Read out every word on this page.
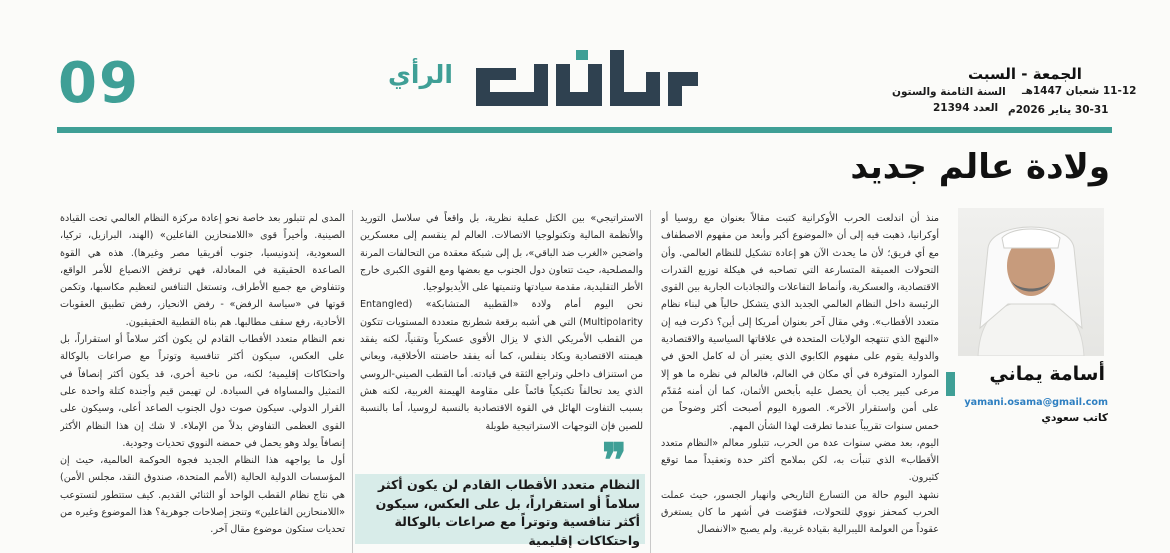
09	الرأي	الجمعة - السبت
11-12 شعبان 1447هـ
السنة الثامنة والستون
30-31 يناير 2026م
العدد 21394
ولادة عالم جديد
أسامة يماني
yamani.osama@gmail.com
كاتب سعودي

منذ أن اندلعت الحرب الأوكرانية كتبت مقالاً بعنوان مع روسيا أو أوكرانيا، ذهبت فيه إلى أن «الموضوع أكبر وأبعد من مفهوم الاصطفاف مع أي فريق؛ لأن ما يحدث الآن هو إعادة تشكيل للنظام العالمي. وأن التحولات العميقة المتسارعة التي تصاحبه في هيكلة توزيع القدرات الاقتصادية، والعسكرية، وأنماط التفاعلات والتجاذبات الجارية بين القوى الرئيسة داخل النظام العالمي الجديد الذي يتشكل حالياً هي لبناء نظام متعدد الأقطاب». وفي مقال آخر بعنوان أمريكا إلى أين؟ ذكرت فيه إن «النهج الذي تنتهجه الولايات المتحدة في علاقاتها السياسية والاقتصادية والدولية يقوم على مفهوم الكابوي الذي يعتبر أن له كامل الحق في الموارد المتوفرة في أي مكان في العالم، فالعالم في نظره ما هو إلا مرعى كبير يجب أن يحصل عليه بأبخس الأثمان، كما أن أمنه مُقدّم على أمن واستقرار الآخر». الصورة اليوم أصبحت أكثر وضوحاً من خمس سنوات تقريباً عندما تطرقت لهذا الشأن المهم.

اليوم، بعد مضي سنوات عدة من الحرب، تتبلور معالم «النظام متعدد الأقطاب» الذي تنبأت به، لكن بملامح أكثر حدة وتعقيداً مما توقع كثيرون.

نشهد اليوم حالة من التسارع التاريخي وانهيار الجسور، حيث عملت الحرب كمحفز نووي للتحولات، فقوّضت في أشهر ما كان يستغرق عقوداً من العولمة الليبرالية بقيادة غربية. ولم يصبح «الانفصال

الاستراتيجي» بين الكتل عملية نظرية، بل واقعاً في سلاسل التوريد والأنظمة المالية وتكنولوجيا الاتصالات. العالم لم ينقسم إلى معسكرين واضحين «الغرب ضد الباقي»، بل إلى شبكة معقدة من التحالفات المرنة والمصلحية، حيث تتعاون دول الجنوب مع بعضها ومع القوى الكبرى خارج الأطر التقليدية، مقدمة سيادتها وتنميتها على الأيديولوجيا.

نحن اليوم أمام ولادة «القطبية المتشابكة» (Entangled Multipolarity) التي هي أشبه برقعة شطرنج متعددة المستويات تتكون من القطب الأمريكي الذي لا يزال الأقوى عسكرياً وتقنياً، لكنه يفقد هيمنته الاقتصادية ويكاد ينفلس، كما أنه يفقد حاضنته الأخلاقية، ويعاني من استنزاف داخلي وتراجع الثقة في قيادته. أما القطب الصيني-الروسي الذي يعد تحالفاً تكتيكياً قائماً على مقاومة الهيمنة الغربية، لكنه هش بسبب التفاوت الهائل في القوة الاقتصادية بالنسبة لروسيا، أما بالنسبة للصين فإن التوجهات الاستراتيجية طويلة

❞
النظام متعدد الأقطاب القادم لن يكون أكثر سلاماً أو استقراراً، بل على العكس، سيكون أكثر تنافسية وتوتراً مع صراعات بالوكالة واحتكاكات إقليمية

المدى لم تتبلور بعد خاصة نحو إعادة مركزة النظام العالمي تحت القيادة الصينية. وأخيراً قوى «اللامنحازين الفاعلين» (الهند، البرازيل، تركيا، السعودية، إندونيسيا، جنوب أفريقيا مصر وغيرها). هذه هي القوة الصاعدة الحقيقية في المعادلة، فهي ترفض الانصياع للأمر الواقع، وتتفاوض مع جميع الأطراف، وتستغل التنافس لتعظيم مكاسبها، وتكمن قوتها في «سياسة الرفض» - رفض الانحياز، رفض تطبيق العقوبات الأحادية، رفع سقف مطالبها. هم بناة القطبية الحقيقيون.

نعم النظام متعدد الأقطاب القادم لن يكون أكثر سلاماً أو استقراراً، بل على العكس، سيكون أكثر تنافسية وتوتراً مع صراعات بالوكالة واحتكاكات إقليمية؛ لكنه، من ناحية أخرى، قد يكون أكثر إنصافاً في التمثيل والمساواة في السيادة. لن تهيمن قيم وأجندة كتلة واحدة على القرار الدولي. سيكون صوت دول الجنوب الصاعد أعلى، وسيكون على القوى العظمى التفاوض بدلاً من الإملاء. لا شك إن هذا النظام الأكثر إنصافاً يولد وهو يحمل في حمضه النووي تحديات وجودية.

أول ما يواجهه هذا النظام الجديد فجوة الحوكمة العالمية، حيث إن المؤسسات الدولية الحالية (الأمم المتحدة، صندوق النقد، مجلس الأمن) هي نتاج نظام القطب الواحد أو الثنائي القديم. كيف ستتطور لتستوعب «اللامنحازين الفاعلين» وتنجز إصلاحات جوهرية؟ هذا الموضوع وغيره من تحديات ستكون موضوع مقال آخر.
